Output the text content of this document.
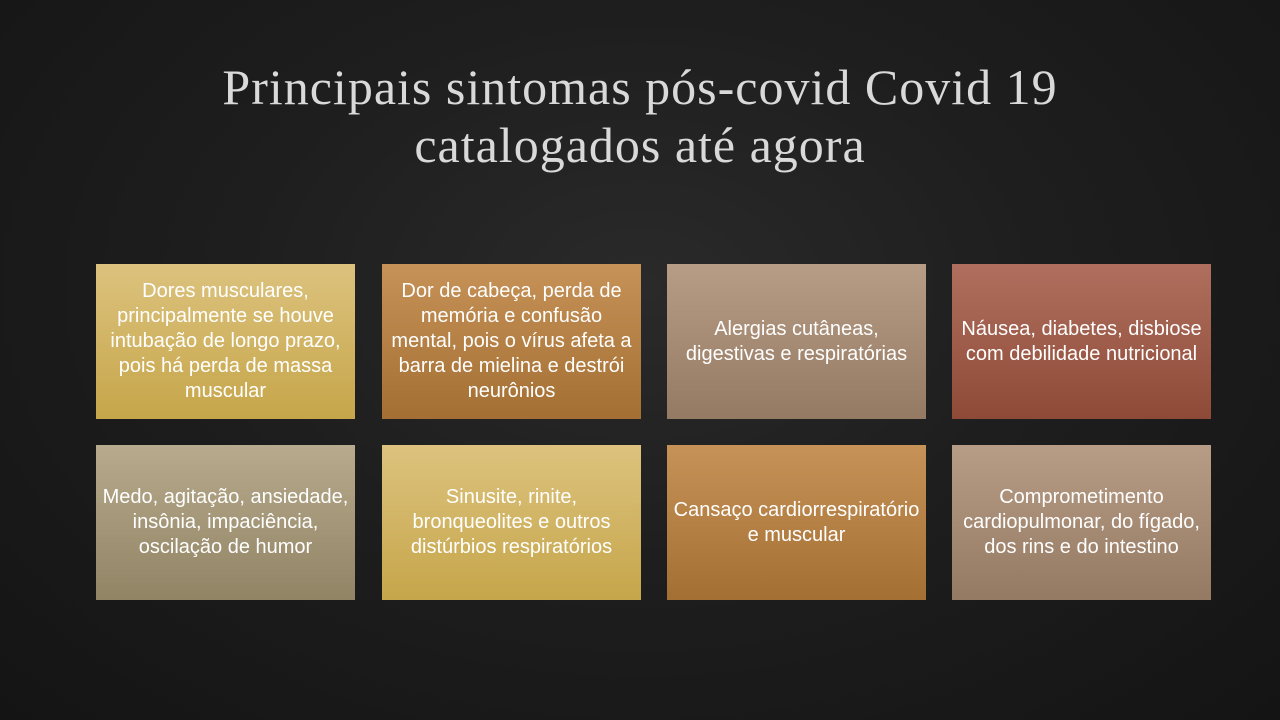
Principais sintomas pós-covid Covid 19
catalogados até agora
Dores musculares, principalmente se houve intubação de longo prazo, pois há perda de massa muscular
Dor de cabeça, perda de memória e confusão mental, pois o vírus afeta a barra de mielina e destrói neurônios
Alergias cutâneas, digestivas e respiratórias
Náusea, diabetes, disbiose com debilidade nutricional
Medo, agitação, ansiedade, insônia, impaciência, oscilação de humor
Sinusite, rinite, bronqueolites e outros distúrbios respiratórios
Cansaço cardiorrespiratório e muscular
Comprometimento cardiopulmonar, do fígado, dos rins e do intestino
